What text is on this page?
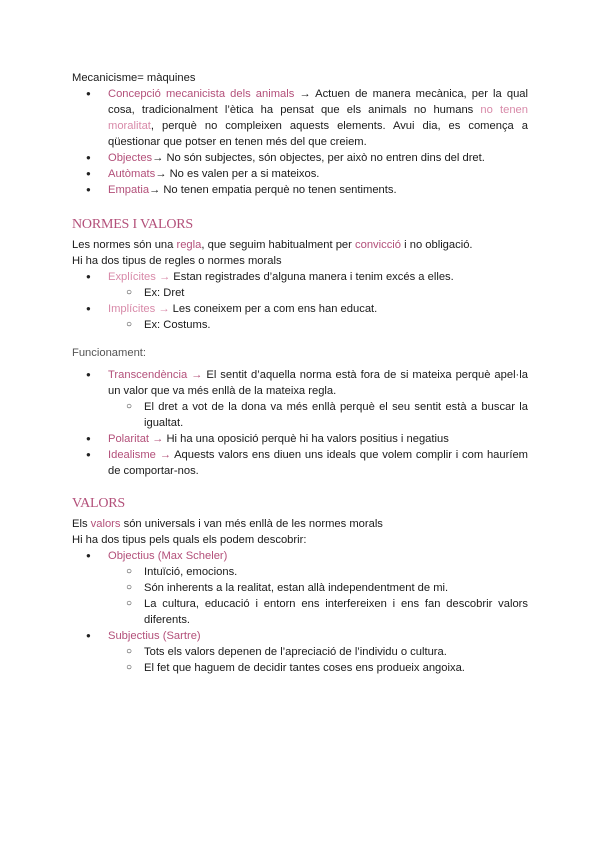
Mecanicisme= màquines
● Concepció mecanicista dels animals → Actuen de manera mecànica, per la qual cosa, tradicionalment l’ètica ha pensat que els animals no humans no tenen moralitat, perquè no compleixen aquests elements. Avui dia, es comença a qüestionar que potser en tenen més del que creiem.
● Objectes→ No són subjectes, són objectes, per això no entren dins del dret.
● Autòmats→ No es valen per a si mateixos.
● Empatia→ No tenen empatia perquè no tenen sentiments.
NORMES I VALORS
Les normes són una regla, que seguim habitualment per convicció i no obligació.
Hi ha dos tipus de regles o normes morals
● Explícites → Estan registrades d’alguna manera i tenim excés a elles.
○ Ex: Dret
● Implícites → Les coneixem per a com ens han educat.
○ Ex: Costums.
Funcionament:
● Transcendència → El sentit d’aquella norma està fora de si mateixa perquè apel·la un valor que va més enllà de la mateixa regla.
○ El dret a vot de la dona va més enllà perquè el seu sentit està a buscar la igualtat.
● Polaritat → Hi ha una oposició perquè hi ha valors positius i negatius
● Idealisme → Aquests valors ens diuen uns ideals que volem complir i com hauríem de comportar-nos.
VALORS
Els valors són universals i van més enllà de les normes morals
Hi ha dos tipus pels quals els podem descobrir:
● Objectius (Max Scheler)
○ Intuïció, emocions.
○ Són inherents a la realitat, estan allà independentment de mi.
○ La cultura, educació i entorn ens interfereixen i ens fan descobrir valors diferents.
● Subjectius (Sartre)
○ Tots els valors depenen de l’apreciació de l’individu o cultura.
○ El fet que haguem de decidir tantes coses ens produeix angoixa.
